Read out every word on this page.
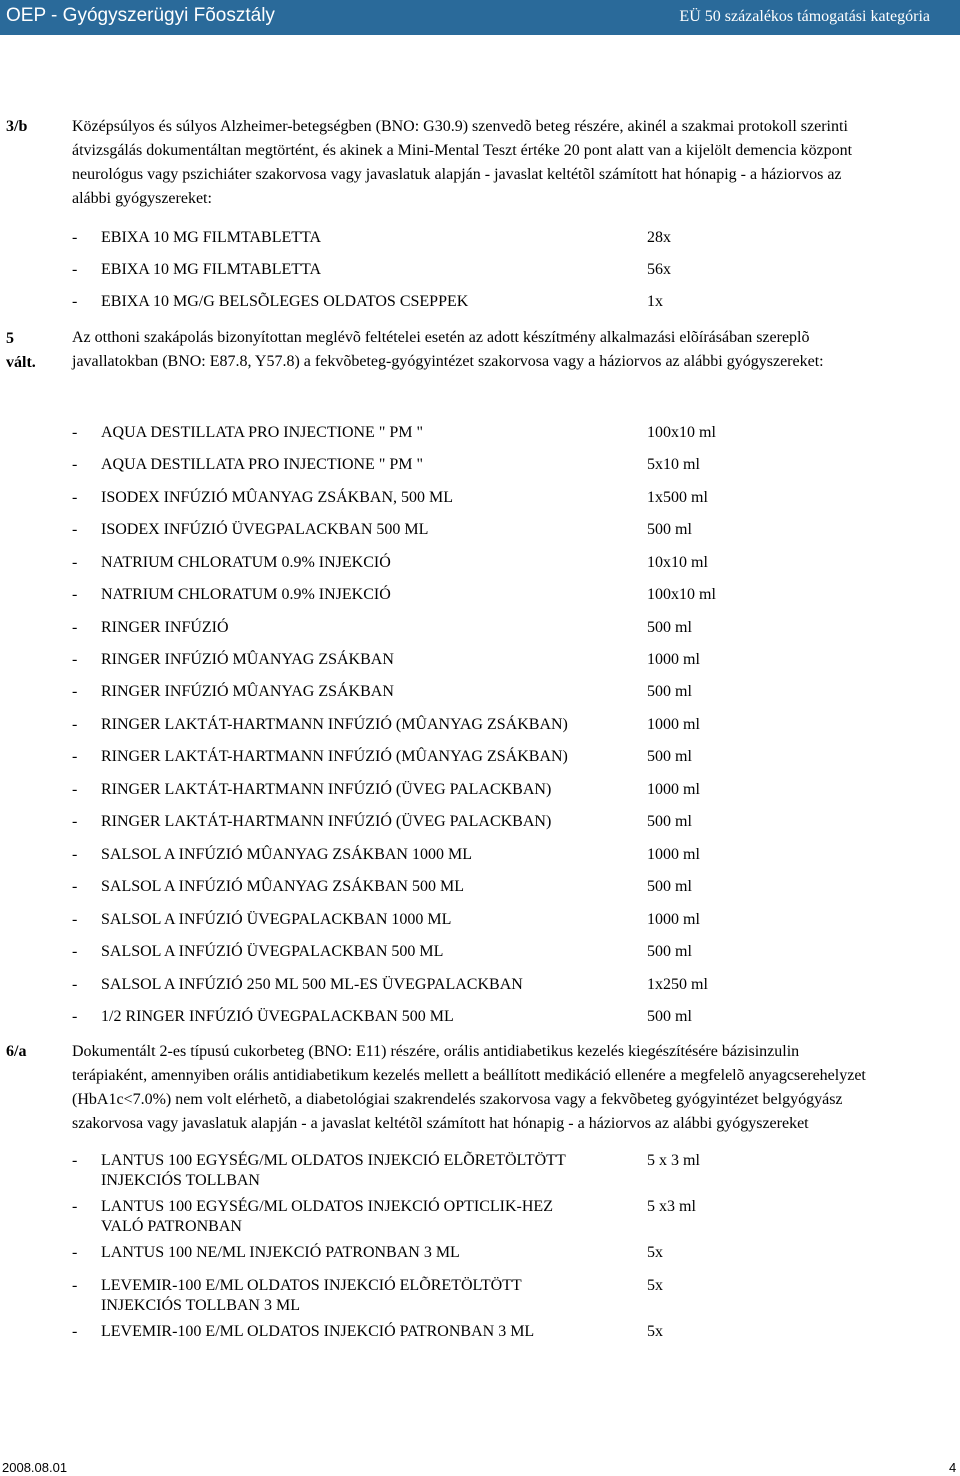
OEP - Gyógyszerügyi Fõosztály	EÜ 50 százalékos támogatási kategória
3/b	Középsúlyos és súlyos Alzheimer-betegségben (BNO: G30.9) szenvedõ beteg részére, akinél a szakmai protokoll szerinti
átvizsgálás dokumentáltan megtörtént, és akinek a Mini-Mental Teszt értéke 20 pont alatt van a kijelölt demencia központ
neurológus vagy pszichiáter szakorvosa vagy javaslatuk alapján - javaslat keltétõl számított hat hónapig - a háziorvos az
alábbi gyógyszereket:
- EBIXA 10 MG FILMTABLETTA	28x
- EBIXA 10 MG FILMTABLETTA	56x
- EBIXA 10 MG/G BELSÕLEGES OLDATOS CSEPPEK	1x
5
vált.
Az otthoni szakápolás bizonyítottan meglévõ feltételei esetén az adott készítmény alkalmazási elõírásában szereplõ
javallatokban (BNO: E87.8, Y57.8) a fekvõbeteg-gyógyintézet szakorvosa vagy a háziorvos az alábbi gyógyszereket:
- AQUA DESTILLATA PRO INJECTIONE " PM "	100x10 ml
- AQUA DESTILLATA PRO INJECTIONE " PM "	5x10 ml
- ISODEX INFÚZIÓ MÛANYAG ZSÁKBAN, 500 ML	1x500 ml
- ISODEX INFÚZIÓ ÜVEGPALACKBAN 500 ML	500 ml
- NATRIUM CHLORATUM 0.9% INJEKCIÓ	10x10 ml
- NATRIUM CHLORATUM 0.9% INJEKCIÓ	100x10 ml
- RINGER INFÚZIÓ	500 ml
- RINGER INFÚZIÓ MÛANYAG ZSÁKBAN	1000 ml
- RINGER INFÚZIÓ MÛANYAG ZSÁKBAN	500 ml
- RINGER LAKTÁT-HARTMANN INFÚZIÓ (MÛANYAG ZSÁKBAN)	1000 ml
- RINGER LAKTÁT-HARTMANN INFÚZIÓ (MÛANYAG ZSÁKBAN)	500 ml
- RINGER LAKTÁT-HARTMANN INFÚZIÓ (ÜVEG PALACKBAN)	1000 ml
- RINGER LAKTÁT-HARTMANN INFÚZIÓ (ÜVEG PALACKBAN)	500 ml
- SALSOL A INFÚZIÓ MÛANYAG ZSÁKBAN 1000 ML	1000 ml
- SALSOL A INFÚZIÓ MÛANYAG ZSÁKBAN 500 ML	500 ml
- SALSOL A INFÚZIÓ ÜVEGPALACKBAN 1000 ML	1000 ml
- SALSOL A INFÚZIÓ ÜVEGPALACKBAN 500 ML	500 ml
- SALSOL A INFÚZIÓ 250 ML 500 ML-ES ÜVEGPALACKBAN	1x250 ml
- 1/2 RINGER INFÚZIÓ ÜVEGPALACKBAN 500 ML	500 ml
6/a	Dokumentált 2-es típusú cukorbeteg (BNO: E11) részére, orális antidiabetikus kezelés kiegészítésére bázisinzulin
terápiaként, amennyiben orális antidiabetikum kezelés mellett a beállított medikáció ellenére a megfelelõ anyagcserehelyzet
(HbA1c<7.0%) nem volt elérhetõ, a diabetológiai szakrendelés szakorvosa vagy a fekvõbeteg gyógyintézet belgyógyász
szakorvosa vagy javaslatuk alapján - a javaslat keltétõl számított hat hónapig - a háziorvos az alábbi gyógyszereket
- LANTUS 100 EGYSÉG/ML OLDATOS INJEKCIÓ ELÕRETÖLTÖTT	5 x 3 ml
INJEKCIÓS TOLLBAN
- LANTUS 100 EGYSÉG/ML OLDATOS INJEKCIÓ OPTICLIK-HEZ	5 x3 ml
VALÓ PATRONBAN
- LANTUS 100 NE/ML INJEKCIÓ PATRONBAN 3 ML	5x
- LEVEMIR-100 E/ML OLDATOS INJEKCIÓ ELÕRETÖLTÖTT	5x
INJEKCIÓS TOLLBAN 3 ML
- LEVEMIR-100 E/ML OLDATOS INJEKCIÓ PATRONBAN 3 ML	5x
2008.08.01	4
